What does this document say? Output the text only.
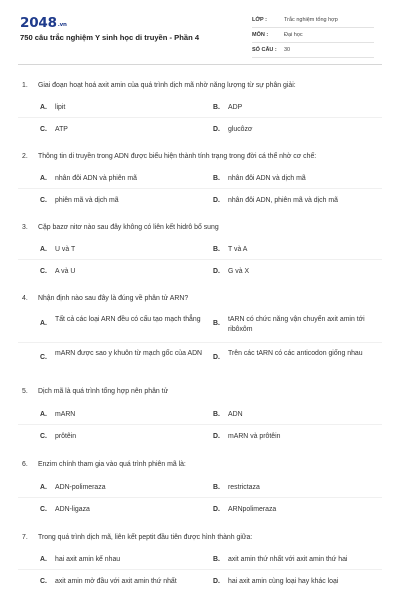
2048.vn
750 câu trắc nghiệm Y sinh học di truyền - Phần 4
LỚP :	Trắc nghiệm tổng hợp
MÔN :	Đại học
SỐ CÂU : 30
1. Giai đoạn hoạt hoá axit amin của quá trình dịch mã nhờ năng lượng từ sự phân giải:
A. lipit	B. ADP
C. ATP	D. glucôzơ
2. Thông tin di truyền trong ADN được biểu hiện thành tính trạng trong đời cá thể nhờ cơ chế:
A. nhân đôi ADN và phiên mã	B. nhân đôi ADN và dịch mã
C. phiên mã và dịch mã	D. nhân đôi ADN, phiên mã và dịch mã
3. Cặp bazơ nitơ nào sau đây không có liên kết hidrô bổ sung
A. U và T	B. T và A
C. A và U	D. G và X
4. Nhận định nào sau đây là đúng về phân tử ARN?
A.
Tất cả các loại ARN đều có cấu tạo mạch thẳng
B.
tARN có chức năng vận chuyển axit amin tới ribôxôm
C.
mARN được sao y khuôn từ mạch gốc của ADN
D.
Trên các tARN có các anticodon giống nhau
5. Dịch mã là quá trình tổng hợp nên phân tử
A. mARN	B. ADN
C. prôtêin	D. mARN và prôtêin
6. Enzim chính tham gia vào quá trình phiên mã là:
A. ADN-polimeraza	B. restrictaza
C. ADN-ligaza	D. ARNpolimeraza
7. Trong quá trình dịch mã, liên kết peptit đầu tiên được hình thành giữa:
A. hai axit amin kế nhau	B. axit amin thứ nhất với axit amin thứ hai
C. axit amin mở đầu với axit amin thứ nhất	D. hai axit amin cùng loại hay khác loại
